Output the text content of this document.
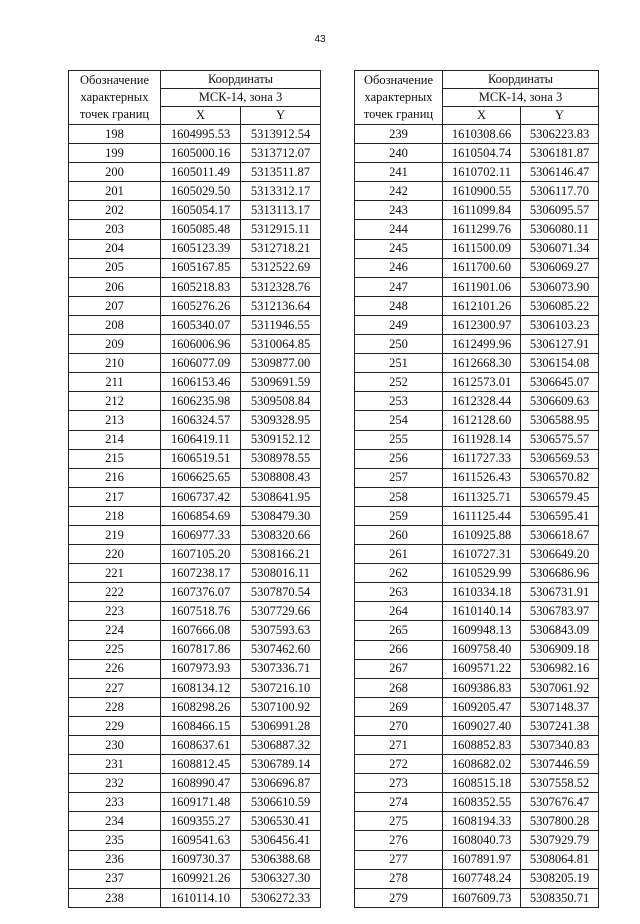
43
Обозначение
характерных
точек границ	Координаты	
	МСК-14, зона 3	
	X	Y
198	1604995.53	5313912.54
199	1605000.16	5313712.07
200	1605011.49	5313511.87
201	1605029.50	5313312.17
202	1605054.17	5313113.17
203	1605085.48	5312915.11
204	1605123.39	5312718.21
205	1605167.85	5312522.69
206	1605218.83	5312328.76
207	1605276.26	5312136.64
208	1605340.07	5311946.55
209	1606006.96	5310064.85
210	1606077.09	5309877.00
211	1606153.46	5309691.59
212	1606235.98	5309508.84
213	1606324.57	5309328.95
214	1606419.11	5309152.12
215	1606519.51	5308978.55
216	1606625.65	5308808.43
217	1606737.42	5308641.95
218	1606854.69	5308479.30
219	1606977.33	5308320.66
220	1607105.20	5308166.21
221	1607238.17	5308016.11
222	1607376.07	5307870.54
223	1607518.76	5307729.66
224	1607666.08	5307593.63
225	1607817.86	5307462.60
226	1607973.93	5307336.71
227	1608134.12	5307216.10
228	1608298.26	5307100.92
229	1608466.15	5306991.28
230	1608637.61	5306887.32
231	1608812.45	5306789.14
232	1608990.47	5306696.87
233	1609171.48	5306610.59
234	1609355.27	5306530.41
235	1609541.63	5306456.41
236	1609730.37	5306388.68
237	1609921.26	5306327.30
238	1610114.10	5306272.33
Обозначение
характерных
точек границ	Координаты	
	МСК-14, зона 3	
	X	Y
239	1610308.66	5306223.83
240	1610504.74	5306181.87
241	1610702.11	5306146.47
242	1610900.55	5306117.70
243	1611099.84	5306095.57
244	1611299.76	5306080.11
245	1611500.09	5306071.34
246	1611700.60	5306069.27
247	1611901.06	5306073.90
248	1612101.26	5306085.22
249	1612300.97	5306103.23
250	1612499.96	5306127.91
251	1612668.30	5306154.08
252	1612573.01	5306645.07
253	1612328.44	5306609.63
254	1612128.60	5306588.95
255	1611928.14	5306575.57
256	1611727.33	5306569.53
257	1611526.43	5306570.82
258	1611325.71	5306579.45
259	1611125.44	5306595.41
260	1610925.88	5306618.67
261	1610727.31	5306649.20
262	1610529.99	5306686.96
263	1610334.18	5306731.91
264	1610140.14	5306783.97
265	1609948.13	5306843.09
266	1609758.40	5306909.18
267	1609571.22	5306982.16
268	1609386.83	5307061.92
269	1609205.47	5307148.37
270	1609027.40	5307241.38
271	1608852.83	5307340.83
272	1608682.02	5307446.59
273	1608515.18	5307558.52
274	1608352.55	5307676.47
275	1608194.33	5307800.28
276	1608040.73	5307929.79
277	1607891.97	5308064.81
278	1607748.24	5308205.19
279	1607609.73	5308350.71
